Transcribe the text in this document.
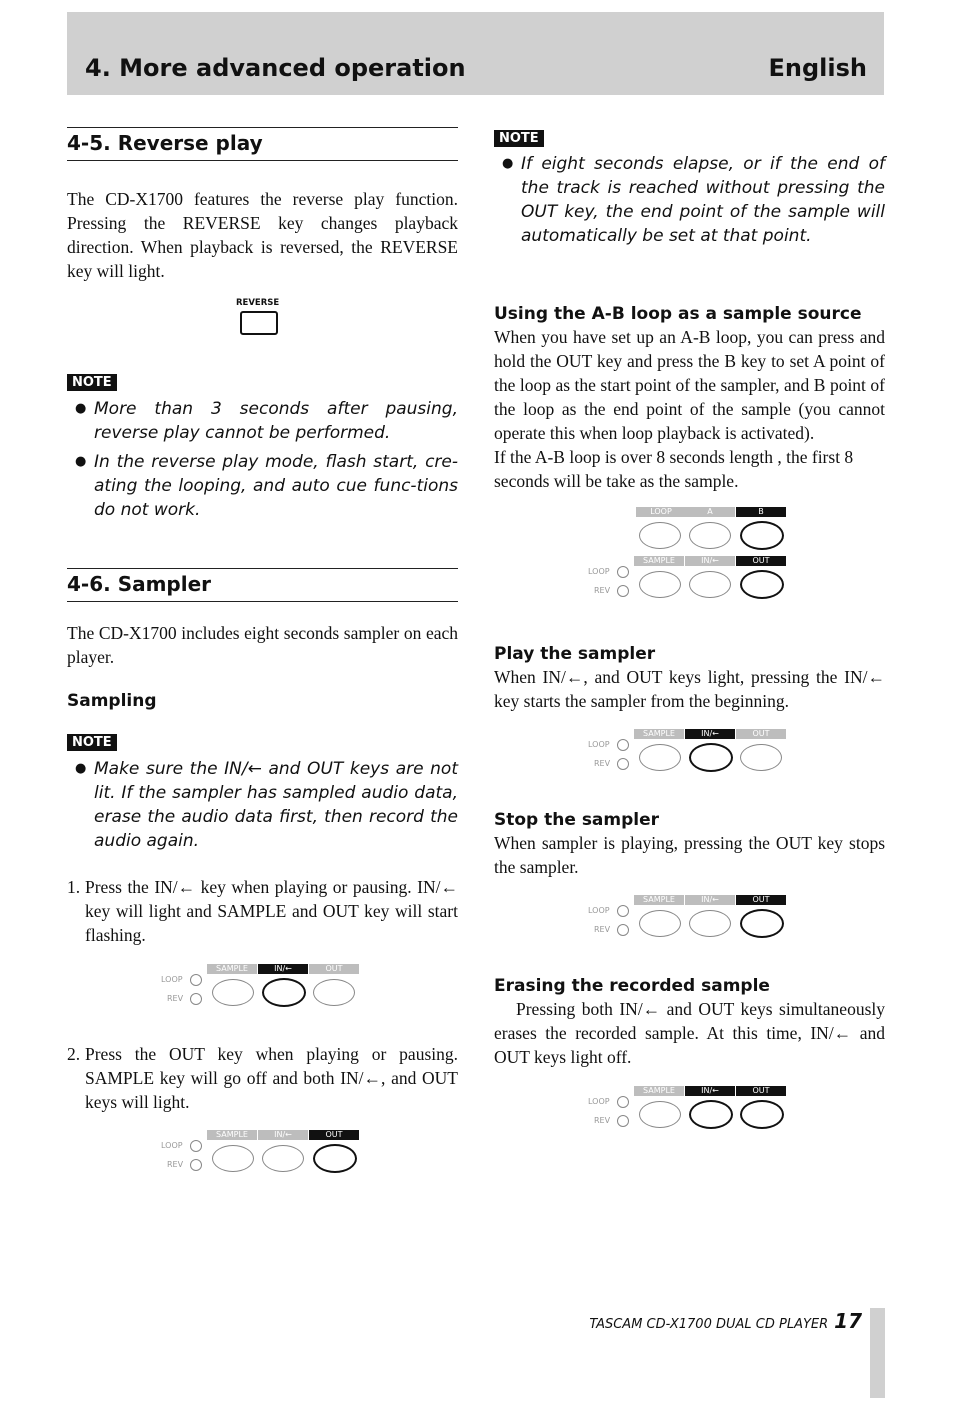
4. More advanced operation	English
4-5. Reverse play

The CD-X1700 features the reverse play function. Pressing the REVERSE key changes playback direction. When playback is reversed, the REVERSE key will light.

REVERSE
NOTE
● More than 3 seconds after pausing, reverse play cannot be performed.
● In the reverse play mode, flash start, cre-ating the looping, and auto cue func-tions do not work.
4-6. Sampler

The CD-X1700 includes eight seconds sampler on each player.

Sampling
NOTE
● Make sure the IN/← and OUT keys are not lit. If the sampler has sampled audio data, erase the audio data first, then record the audio again.
1. Press the IN/← key when playing or pausing. IN/← key will light and SAMPLE and OUT key will start flashing.
LOOP
REV
SAMPLE	IN/←	OUT
2. Press the OUT key when playing or pausing. SAMPLE key will go off and both IN/←, and OUT keys will light.
LOOP
REV
SAMPLE	IN/←	OUT
NOTE
● If eight seconds elapse, or if the end of the track is reached without pressing the OUT key, the end point of the sample will automatically be set at that point.
Using the A-B loop as a sample source

When you have set up an A-B loop, you can press and hold the OUT key and press the B key to set A point of the loop as the start point of the sampler, and B point of the loop as the end point of the sample (you cannot operate this when loop playback is activated).

If the A-B loop is over 8 seconds length , the first 8 seconds will be take as the sample.

LOOP	A	B
LOOP
REV
SAMPLE	IN/←	OUT
Play the sampler

When IN/←, and OUT keys light, pressing the IN/← key starts the sampler from the beginning.

LOOP
REV
SAMPLE	IN/←	OUT
Stop the sampler

When sampler is playing, pressing the OUT key stops the sampler.

LOOP
REV
SAMPLE	IN/←	OUT
Erasing the recorded sample

Pressing both IN/← and OUT keys simultaneously erases the recorded sample. At this time, IN/← and OUT keys light off.

LOOP
REV
SAMPLE	IN/←	OUT
TASCAM CD-X1700 DUAL CD PLAYER 17
